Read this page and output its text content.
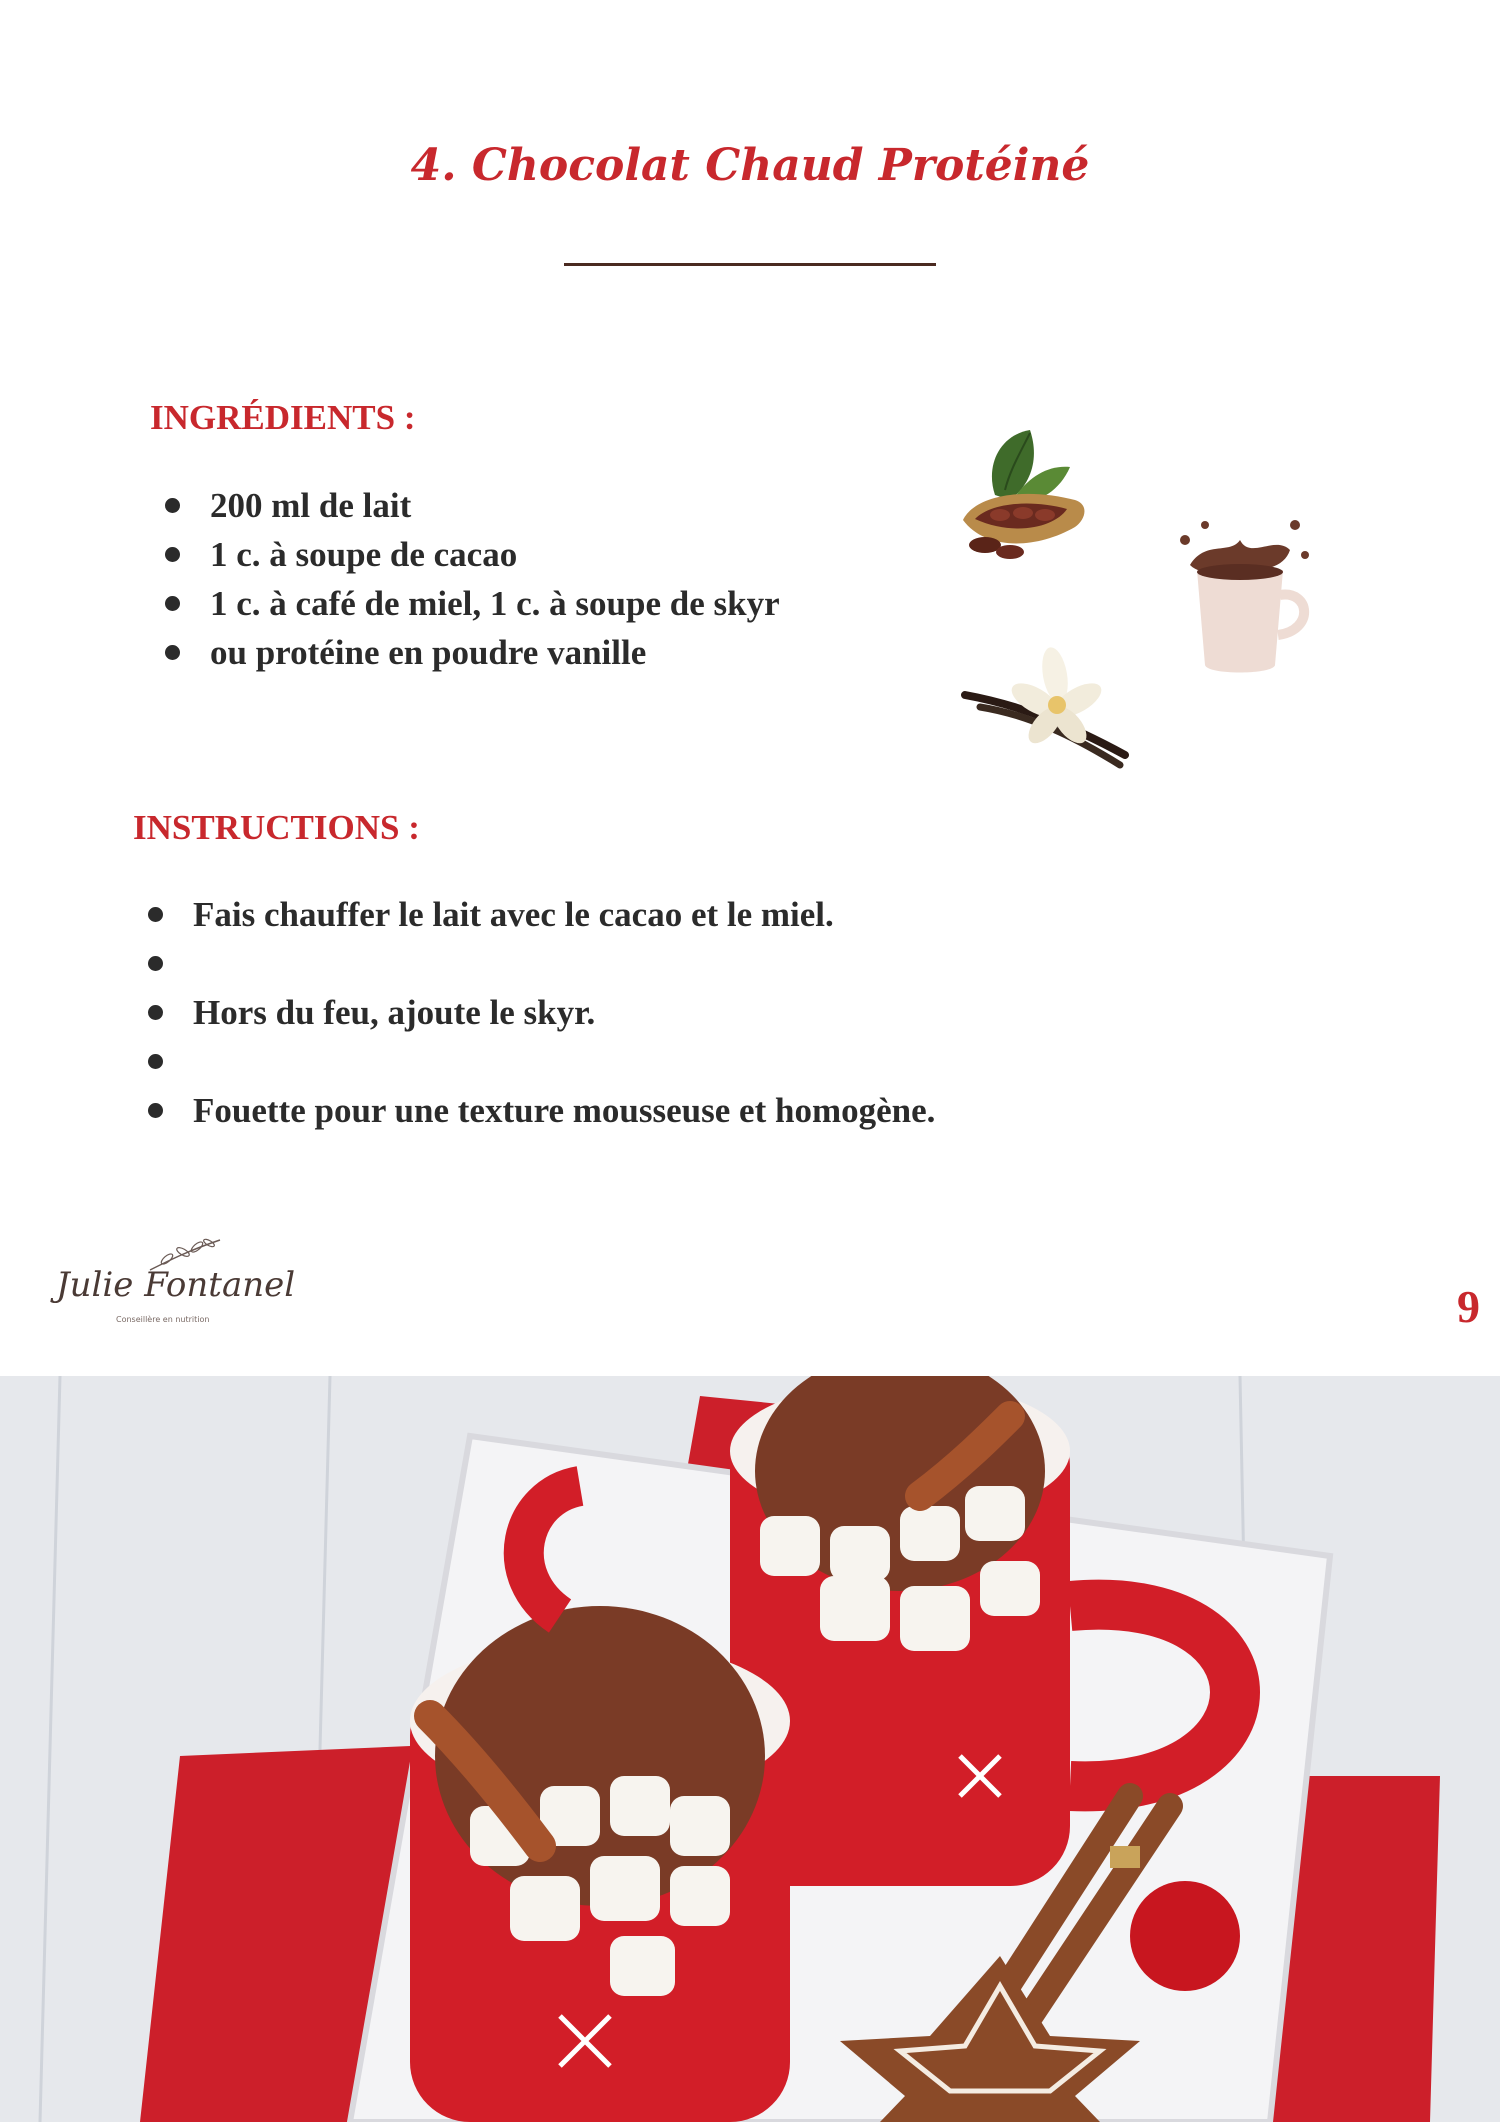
4. Chocolat Chaud Protéiné
INGRÉDIENTS :
200 ml de lait
1 c. à soupe de cacao
1 c. à café de miel, 1 c. à soupe de skyr
ou protéine en poudre vanille
INSTRUCTIONS :
Fais chauffer le lait avec le cacao et le miel.
Hors du feu, ajoute le skyr.
Fouette pour une texture mousseuse et homogène.
Julie Fontanel
Conseillère en nutrition	9
